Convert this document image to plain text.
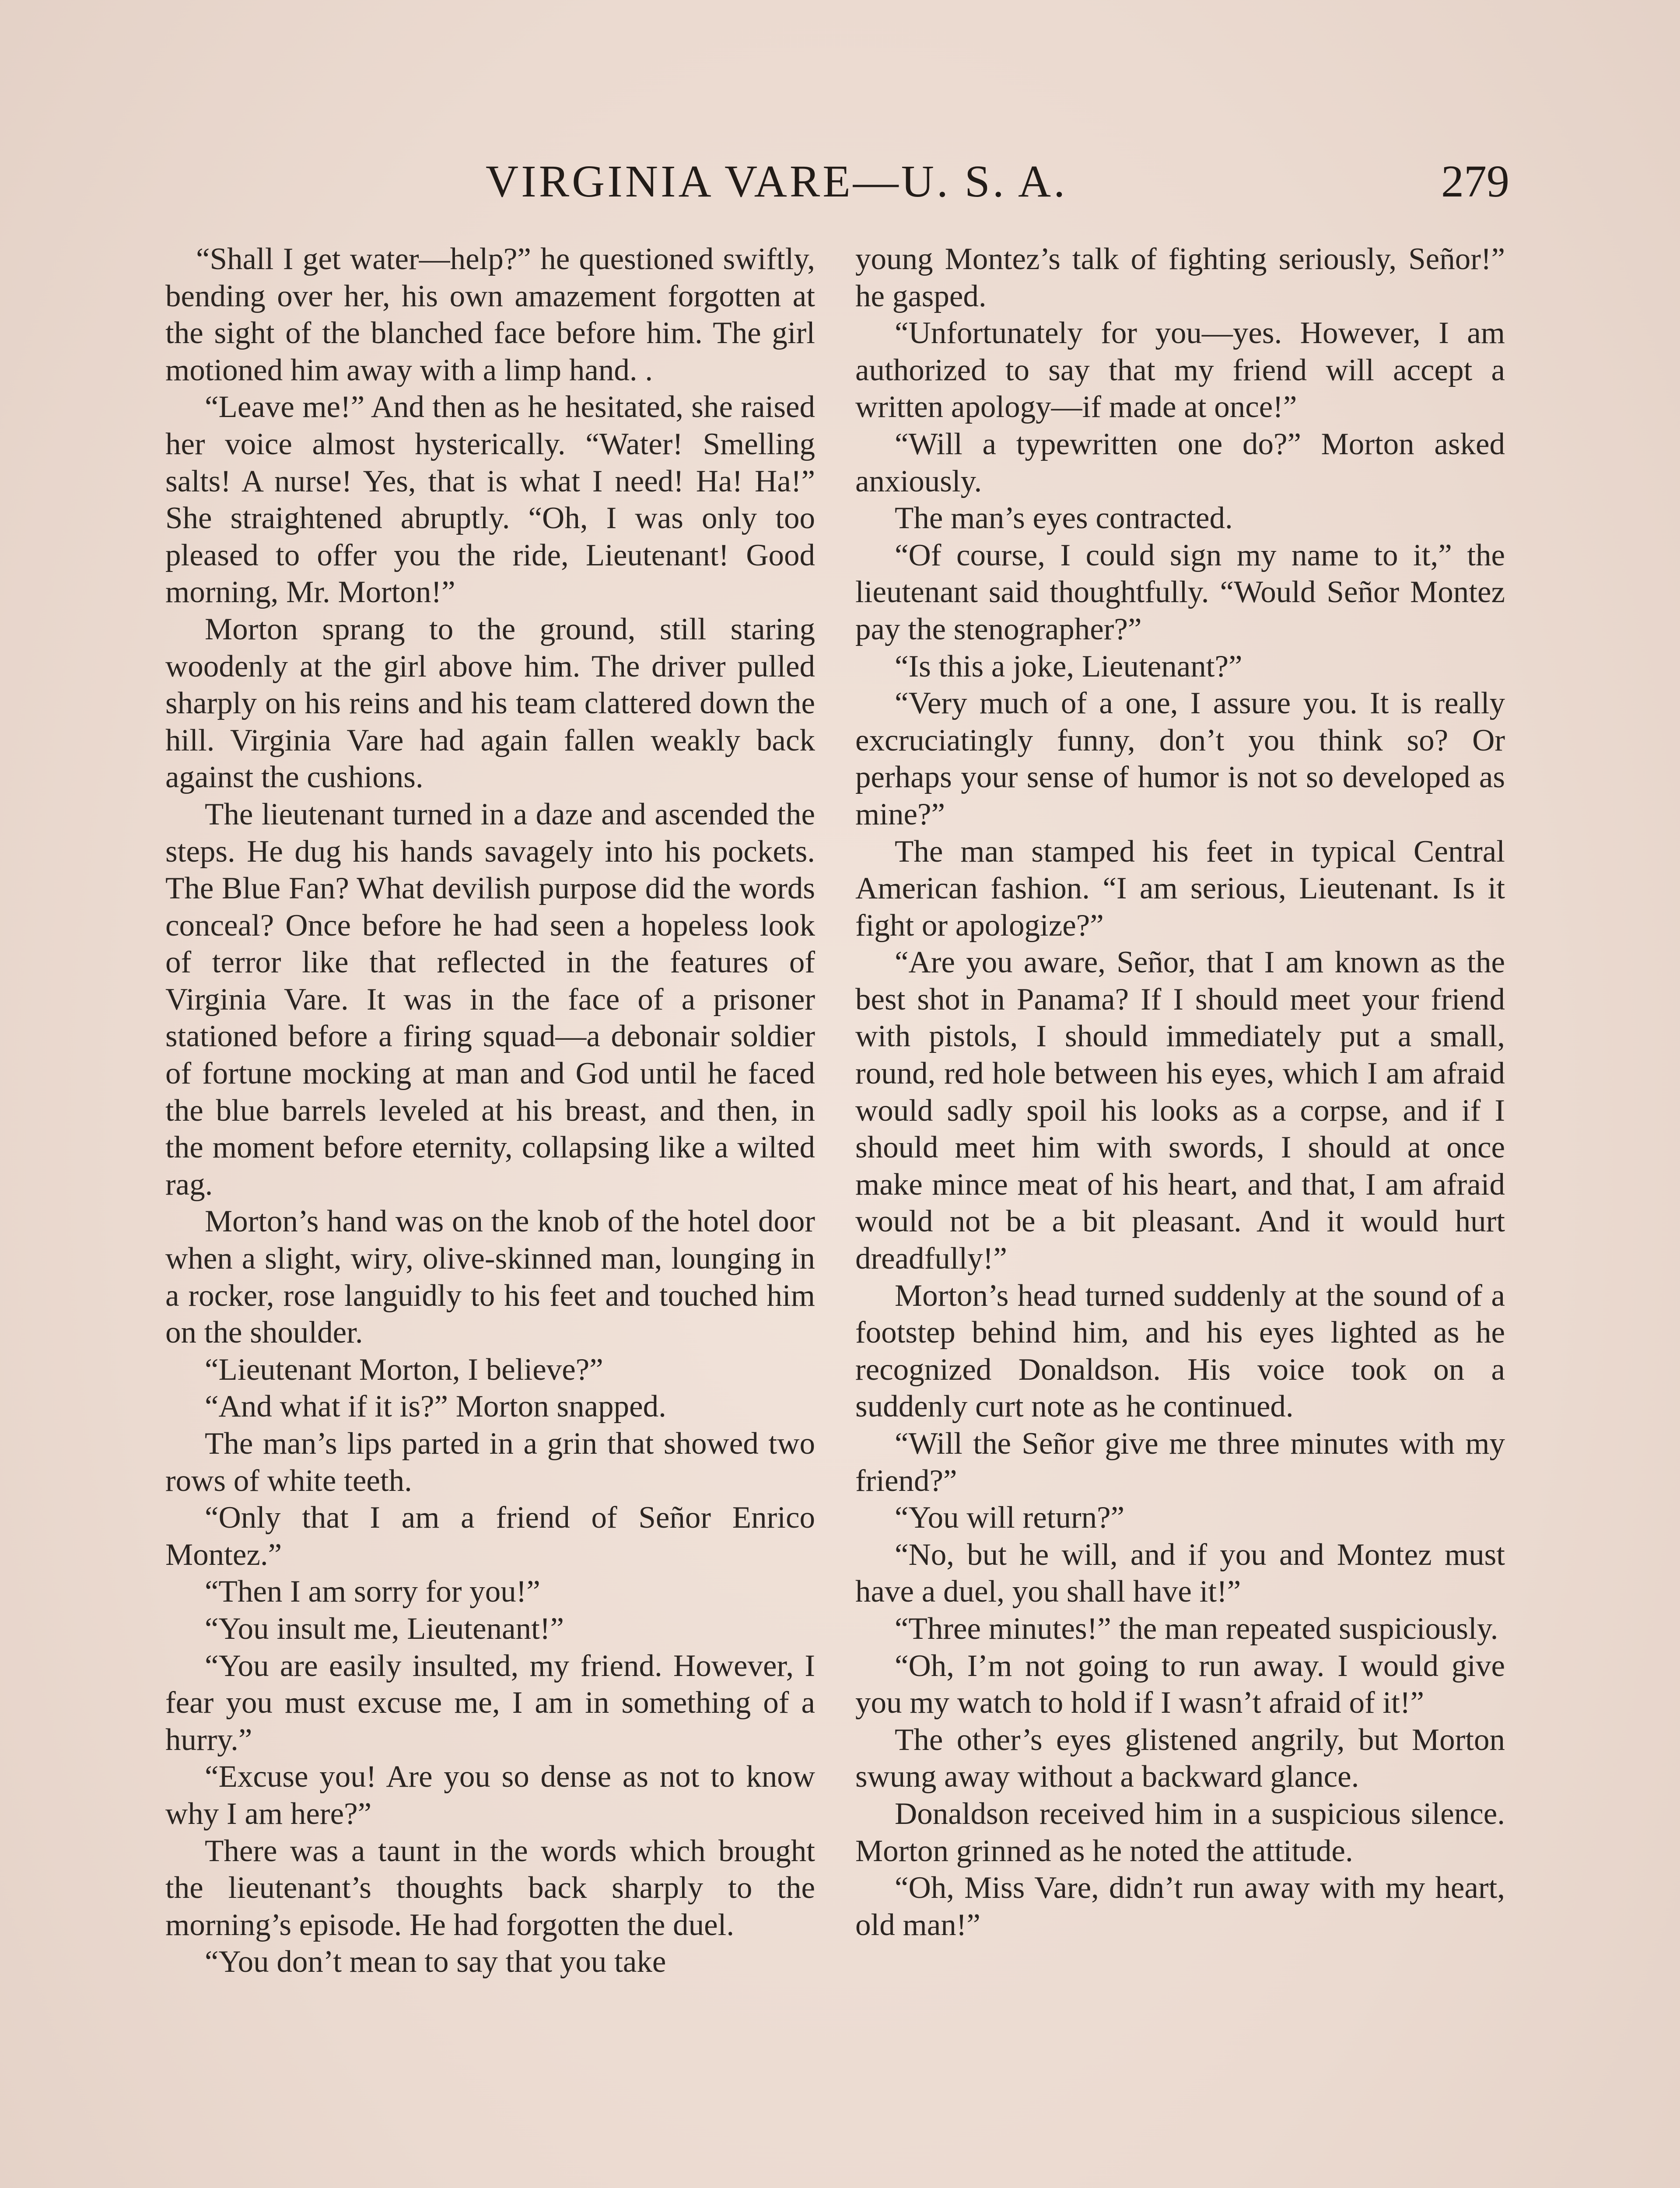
VIRGINIA VARE—U. S. A.	279

“Shall I get water—help?” he questioned swiftly, bending over her, his own amazement forgotten at the sight of the blanched face before him. The girl motioned him away with a limp hand. .

“Leave me!” And then as he hesitated, she raised her voice almost hysterically. “Water! Smelling salts! A nurse! Yes, that is what I need! Ha! Ha!” She straightened abruptly. “Oh, I was only too pleased to offer you the ride, Lieutenant! Good morning, Mr. Morton!”

Morton sprang to the ground, still staring woodenly at the girl above him. The driver pulled sharply on his reins and his team clattered down the hill. Virginia Vare had again fallen weakly back against the cushions.

The lieutenant turned in a daze and ascended the steps. He dug his hands savagely into his pockets. The Blue Fan? What devilish purpose did the words conceal? Once before he had seen a hopeless look of terror like that reflected in the features of Virginia Vare. It was in the face of a prisoner stationed before a firing squad—a debonair soldier of fortune mocking at man and God until he faced the blue barrels leveled at his breast, and then, in the moment before eternity, collapsing like a wilted rag.

Morton’s hand was on the knob of the hotel door when a slight, wiry, olive-skinned man, lounging in a rocker, rose languidly to his feet and touched him on the shoulder.

“Lieutenant Morton, I believe?”

“And what if it is?” Morton snapped.

The man’s lips parted in a grin that showed two rows of white teeth.

“Only that I am a friend of Señor Enrico Montez.”

“Then I am sorry for you!”

“You insult me, Lieutenant!”

“You are easily insulted, my friend. However, I fear you must excuse me, I am in something of a hurry.”

“Excuse you! Are you so dense as not to know why I am here?”

There was a taunt in the words which brought the lieutenant’s thoughts back sharply to the morning’s episode. He had forgotten the duel.

“You don’t mean to say that you take

young Montez’s talk of fighting seriously, Señor!” he gasped.

“Unfortunately for you—yes. However, I am authorized to say that my friend will accept a written apology—if made at once!”

“Will a typewritten one do?” Morton asked anxiously.

The man’s eyes contracted.

“Of course, I could sign my name to it,” the lieutenant said thoughtfully. “Would Señor Montez pay the stenographer?”

“Is this a joke, Lieutenant?”

“Very much of a one, I assure you. It is really excruciatingly funny, don’t you think so? Or perhaps your sense of humor is not so developed as mine?”

The man stamped his feet in typical Central American fashion. “I am serious, Lieutenant. Is it fight or apologize?”

“Are you aware, Señor, that I am known as the best shot in Panama? If I should meet your friend with pistols, I should immediately put a small, round, red hole between his eyes, which I am afraid would sadly spoil his looks as a corpse, and if I should meet him with swords, I should at once make mince meat of his heart, and that, I am afraid would not be a bit pleasant. And it would hurt dreadfully!”

Morton’s head turned suddenly at the sound of a footstep behind him, and his eyes lighted as he recognized Donaldson. His voice took on a suddenly curt note as he continued.

“Will the Señor give me three minutes with my friend?”

“You will return?”

“No, but he will, and if you and Montez must have a duel, you shall have it!”

“Three minutes!” the man repeated suspiciously.

“Oh, I’m not going to run away. I would give you my watch to hold if I wasn’t afraid of it!”

The other’s eyes glistened angrily, but Morton swung away without a backward glance.

Donaldson received him in a suspicious silence. Morton grinned as he noted the attitude.

“Oh, Miss Vare, didn’t run away with my heart, old man!”
